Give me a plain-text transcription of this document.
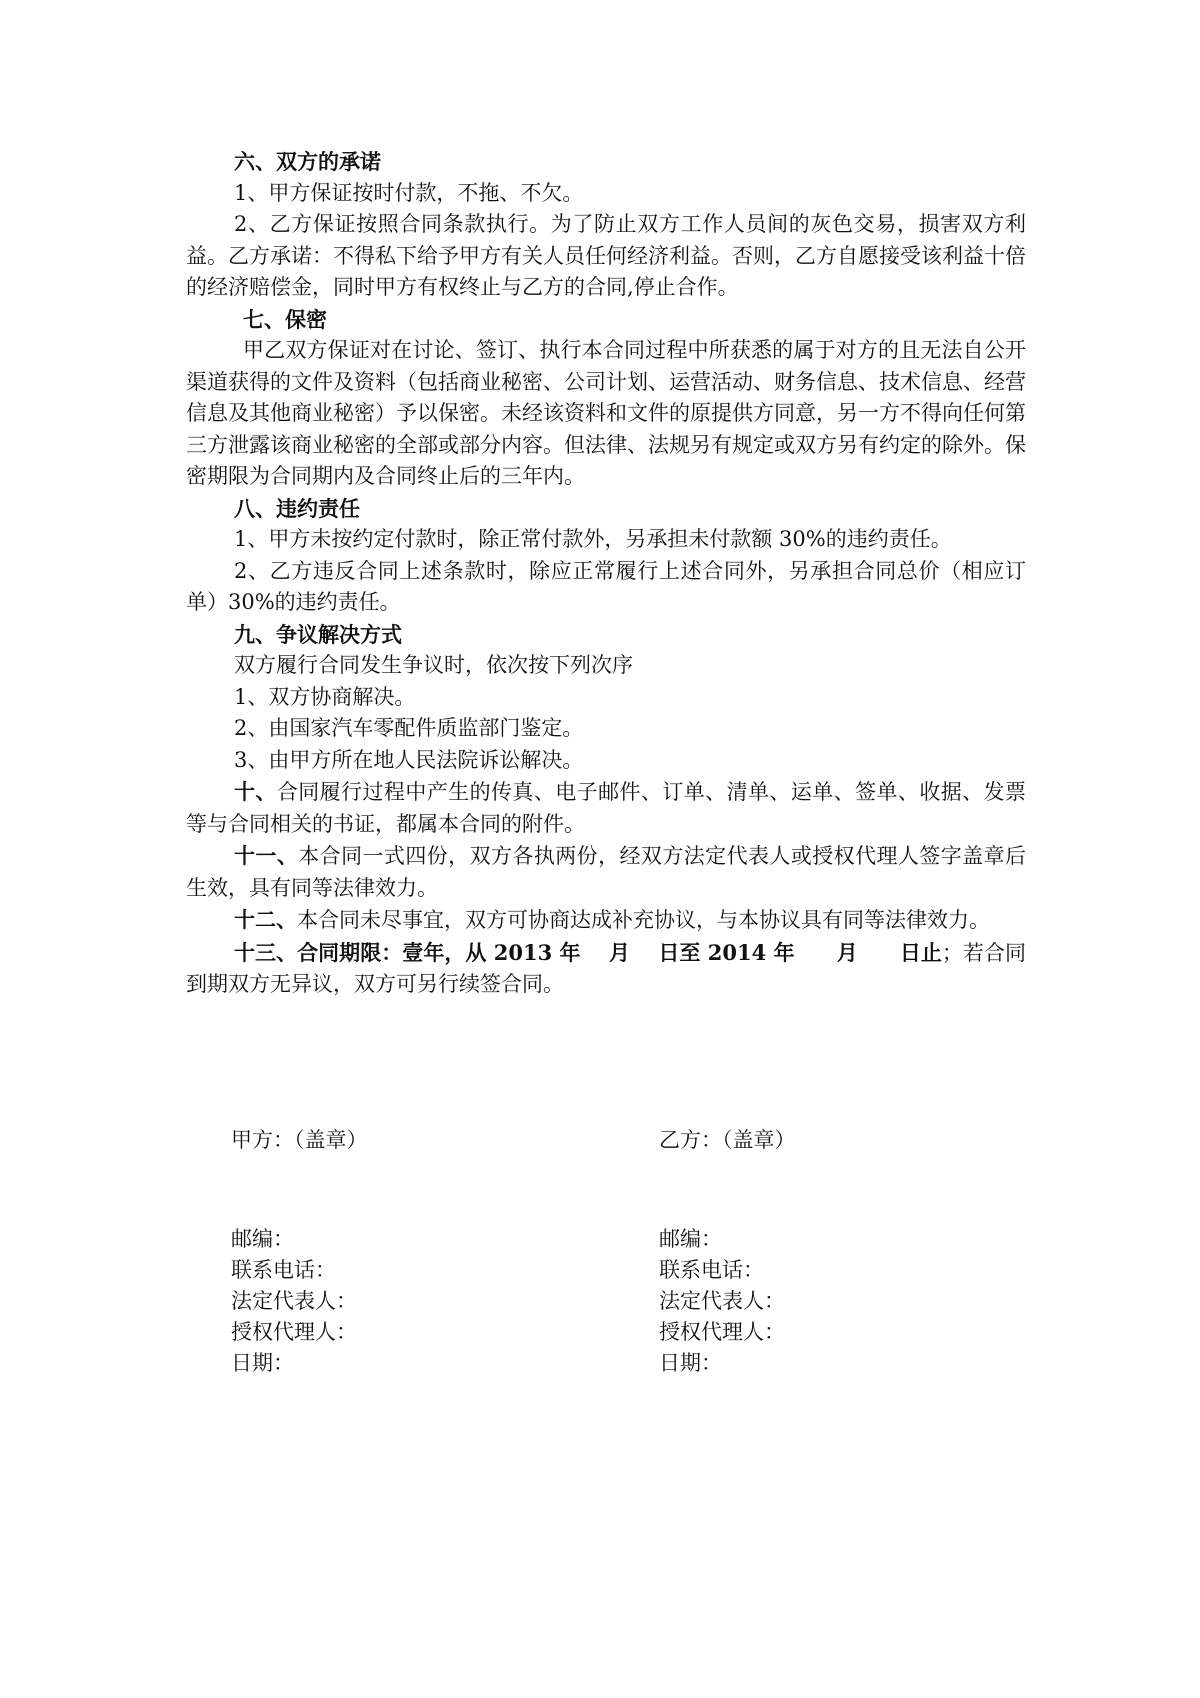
六、双方的承诺

1、甲方保证按时付款，不拖、不欠。

2、乙方保证按照合同条款执行。为了防止双方工作人员间的灰色交易，损害双方利益。乙方承诺：不得私下给予甲方有关人员任何经济利益。否则，乙方自愿接受该利益十倍的经济赔偿金，同时甲方有权终止与乙方的合同,停止合作。

七、保密

甲乙双方保证对在讨论、签订、执行本合同过程中所获悉的属于对方的且无法自公开渠道获得的文件及资料（包括商业秘密、公司计划、运营活动、财务信息、技术信息、经营信息及其他商业秘密）予以保密。未经该资料和文件的原提供方同意，另一方不得向任何第三方泄露该商业秘密的全部或部分内容。但法律、法规另有规定或双方另有约定的除外。保密期限为合同期内及合同终止后的三年内。

八、违约责任

1、甲方未按约定付款时，除正常付款外，另承担未付款额 30%的违约责任。

2、乙方违反合同上述条款时，除应正常履行上述合同外，另承担合同总价（相应订单）30%的违约责任。

九、争议解决方式

双方履行合同发生争议时，依次按下列次序

1、双方协商解决。

2、由国家汽车零配件质监部门鉴定。

3、由甲方所在地人民法院诉讼解决。

十、合同履行过程中产生的传真、电子邮件、订单、清单、运单、签单、收据、发票等与合同相关的书证，都属本合同的附件。

十一、本合同一式四份，双方各执两份，经双方法定代表人或授权代理人签字盖章后生效，具有同等法律效力。

十二、本合同未尽事宜，双方可协商达成补充协议，与本协议具有同等法律效力。

十三、合同期限：壹年，从 2013 年　 月　 日至 2014 年　　月　　日止；若合同到期双方无异议，双方可另行续签合同。

甲方：（盖章）	乙方：（盖章）

邮编：

联系电话：

法定代表人：

授权代理人：

日期：

邮编：

联系电话：

法定代表人：

授权代理人：

日期：
